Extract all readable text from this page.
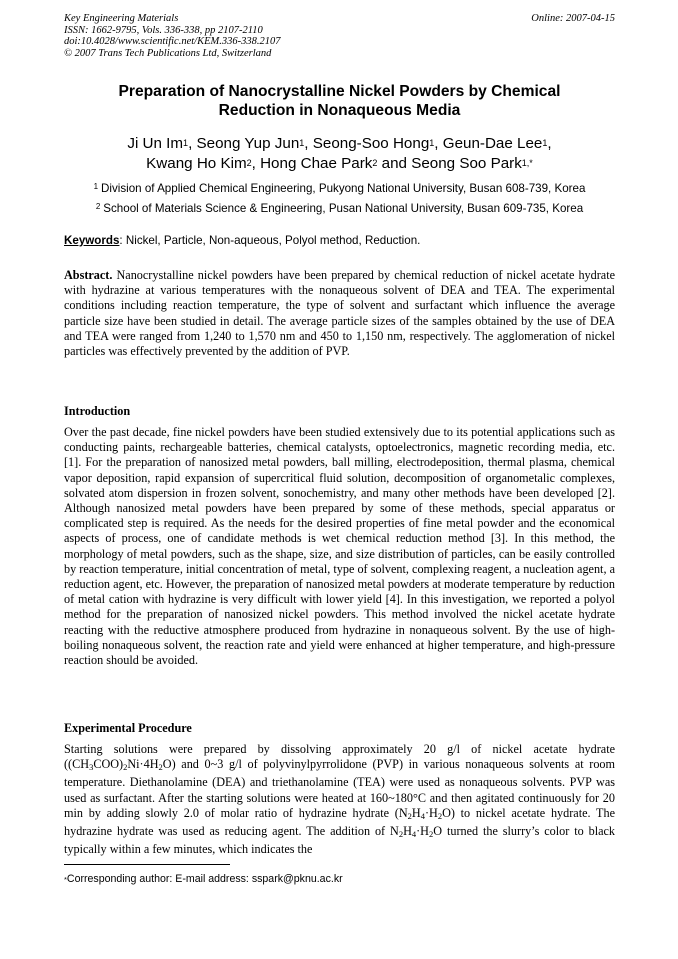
Key Engineering Materials
ISSN: 1662-9795, Vols. 336-338, pp 2107-2110
doi:10.4028/www.scientific.net/KEM.336-338.2107
© 2007 Trans Tech Publications Ltd, Switzerland
Online: 2007-04-15
Preparation of Nanocrystalline Nickel Powders by Chemical
Reduction in Nonaqueous Media
Ji Un Im$^1$, Seong Yup Jun$^1$, Seong-Soo Hong$^1$, Geun-Dae Lee$^1$,
Kwang Ho Kim$^2$, Hong Chae Park$^2$ and Seong Soo Park$^{1,*}$
$^1$ Division of Applied Chemical Engineering, Pukyong National University, Busan 608-739, Korea
$^2$ School of Materials Science & Engineering, Pusan National University, Busan 609-735, Korea
Keywords: Nickel, Particle, Non-aqueous, Polyol method, Reduction.
Abstract. Nanocrystalline nickel powders have been prepared by chemical reduction of nickel acetate hydrate with hydrazine at various temperatures with the nonaqueous solvent of DEA and TEA. The experimental conditions including reaction temperature, the type of solvent and surfactant which influence the average particle size have been studied in detail. The average particle sizes of the samples obtained by the use of DEA and TEA were ranged from 1,240 to 1,570 nm and 450 to 1,150 nm, respectively. The agglomeration of nickel particles was effectively prevented by the addition of PVP.
Introduction
Over the past decade, fine nickel powders have been studied extensively due to its potential applications such as conducting paints, rechargeable batteries, chemical catalysts, optoelectronics, magnetic recording media, etc. [1]. For the preparation of nanosized metal powders, ball milling, electrodeposition, thermal plasma, chemical vapor deposition, rapid expansion of supercritical fluid solution, decomposition of organometalic complexes, solvated atom dispersion in frozen solvent, sonochemistry, and many other methods have been developed [2]. Although nanosized metal powders have been prepared by some of these methods, special apparatus or complicated step is required. As the needs for the desired properties of fine metal powder and the economical aspects of process, one of candidate methods is wet chemical reduction method [3]. In this method, the morphology of metal powders, such as the shape, size, and size distribution of particles, can be easily controlled by reaction temperature, initial concentration of metal, type of solvent, complexing reagent, a nucleation agent, a reduction agent, etc. However, the preparation of nanosized metal powders at moderate temperature by reduction of metal cation with hydrazine is very difficult with lower yield [4]. In this investigation, we reported a polyol method for the preparation of nanosized nickel powders. This method involved the nickel acetate hydrate reacting with the reductive atmosphere produced from hydrazine in nonaqueous solvent. By the use of high-boiling nonaqueous solvent, the reaction rate and yield were enhanced at higher temperature, and high-pressure reaction should be avoided.
Experimental Procedure
Starting solutions were prepared by dissolving approximately 20 g/l of nickel acetate hydrate $((CH_3COO)_2Ni\cdot 4H_2O)$ and 0~3 g/l of polyvinylpyrrolidone (PVP) in various nonaqueous solvents at room temperature. Diethanolamine (DEA) and triethanolamine (TEA) were used as nonaqueous solvents. PVP was used as surfactant. After the starting solutions were heated at 160~180°C and then agitated continuously for 20 min by adding slowly 2.0 of molar ratio of hydrazine hydrate $(N_2H_4\cdot H_2O)$ to nickel acetate hydrate. The hydrazine hydrate was used as reducing agent. The addition of $N_2H_4\cdot H_2O$ turned the slurry’s color to black typically within a few minutes, which indicates the
*Corresponding author: E-mail address: sspark@pknu.ac.kr
